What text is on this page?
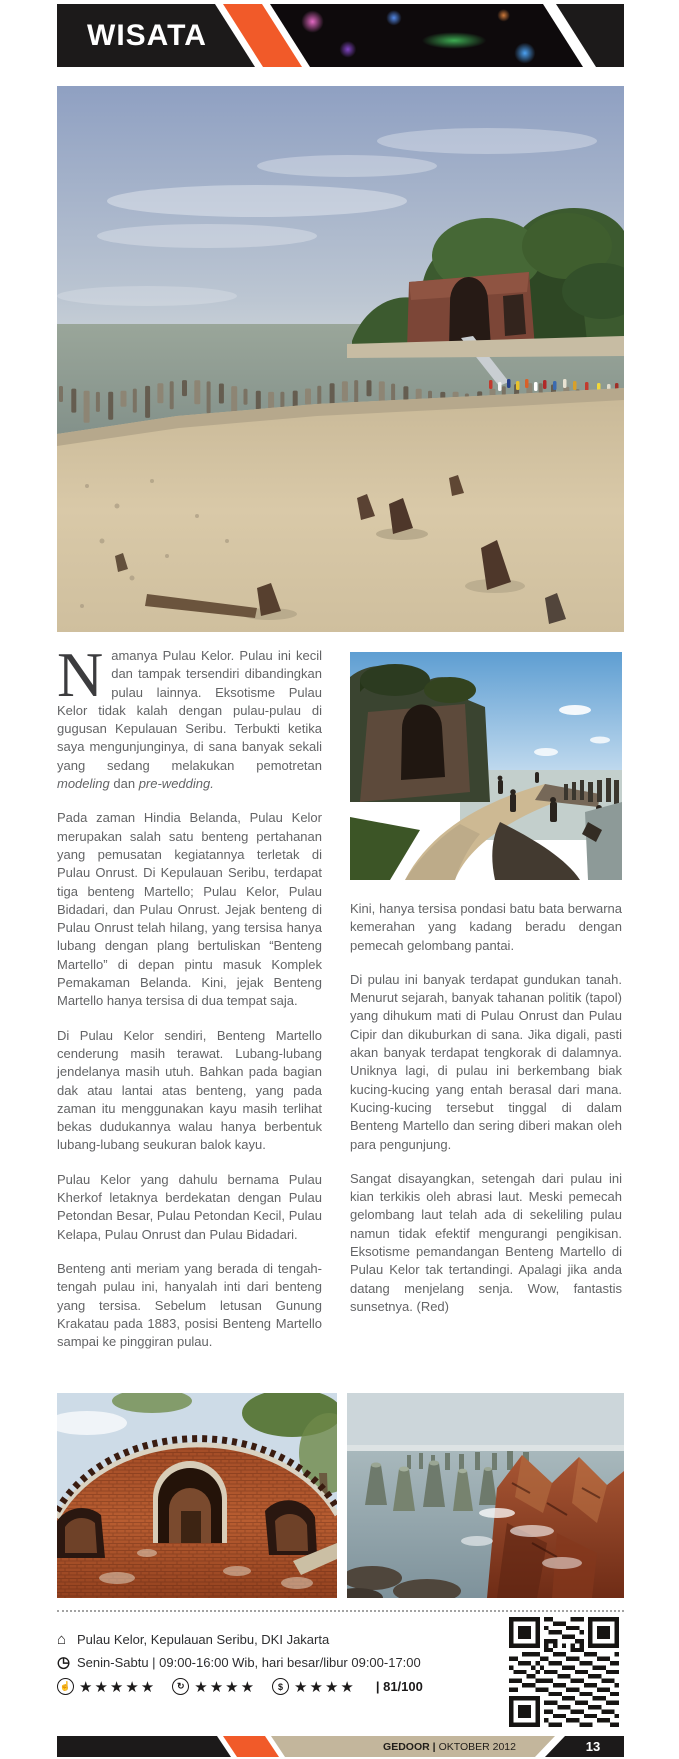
WISATA

Namanya Pulau Kelor. Pulau ini kecil dan tampak tersendiri dibandingkan pulau lainnya. Eksotisme Pulau Kelor tidak kalah dengan pulau-pulau di gugusan Kepulauan Seribu. Terbukti ketika saya mengunjunginya, di sana banyak sekali yang sedang melakukan pemotretan modeling dan pre-wedding.

Pada zaman Hindia Belanda, Pulau Kelor merupakan salah satu benteng pertahanan yang pemusatan kegiatannya terletak di Pulau Onrust. Di Kepulauan Seribu, terdapat tiga benteng Martello; Pulau Kelor, Pulau Bidadari, dan Pulau Onrust. Jejak benteng di Pulau Onrust telah hilang, yang tersisa hanya lubang dengan plang bertuliskan “Benteng Martello” di depan pintu masuk Komplek Pemakaman Belanda. Kini, jejak Benteng Martello hanya tersisa di dua tempat saja.

Di Pulau Kelor sendiri, Benteng Martello cenderung masih terawat. Lubang-lubang jendelanya masih utuh. Bahkan pada bagian dak atau lantai atas benteng, yang pada zaman itu menggunakan kayu masih terlihat bekas dudukannya walau hanya berbentuk lubang-lubang seukuran balok kayu.

Pulau Kelor yang dahulu bernama Pulau Kherkof letaknya berdekatan dengan Pulau Petondan Besar, Pulau Petondan Kecil, Pulau Kelapa, Pulau Onrust dan Pulau Bidadari.

Benteng anti meriam yang berada di tengah-tengah pulau ini, hanyalah inti dari benteng yang tersisa. Sebelum letusan Gunung Krakatau pada 1883, posisi Benteng Martello sampai ke pinggiran pulau.

Kini, hanya tersisa pondasi batu bata berwarna kemerahan yang kadang beradu dengan pemecah gelombang pantai.

Di pulau ini banyak terdapat gundukan tanah. Menurut sejarah, banyak tahanan politik (tapol) yang dihukum mati di Pulau Onrust dan Pulau Cipir dan dikuburkan di sana. Jika digali, pasti akan banyak terdapat tengkorak di dalamnya. Uniknya lagi, di pulau ini berkembang biak kucing-kucing yang entah berasal dari mana. Kucing-kucing tersebut tinggal di dalam Benteng Martello dan sering diberi makan oleh para pengunjung.

Sangat disayangkan, setengah dari pulau ini kian terkikis oleh abrasi laut. Meski pemecah gelombang laut telah ada di sekeliling pulau namun tidak efektif mengurangi pengikisan. Eksotisme pemandangan Benteng Martello di Pulau Kelor tak tertandingi. Apalagi jika anda datang menjelang senja. Wow, fantastis sunsetnya. (Red)

⌂ Pulau Kelor, Kepulauan Seribu, DKI Jakarta
◷ Senin-Sabtu | 09:00-16:00 Wib, hari besar/libur 09:00-17:00
☝ ★★★★★	↻ ★★★★	$ ★★★★ | 81/100
GEDOOR | OKTOBER 2012	13
